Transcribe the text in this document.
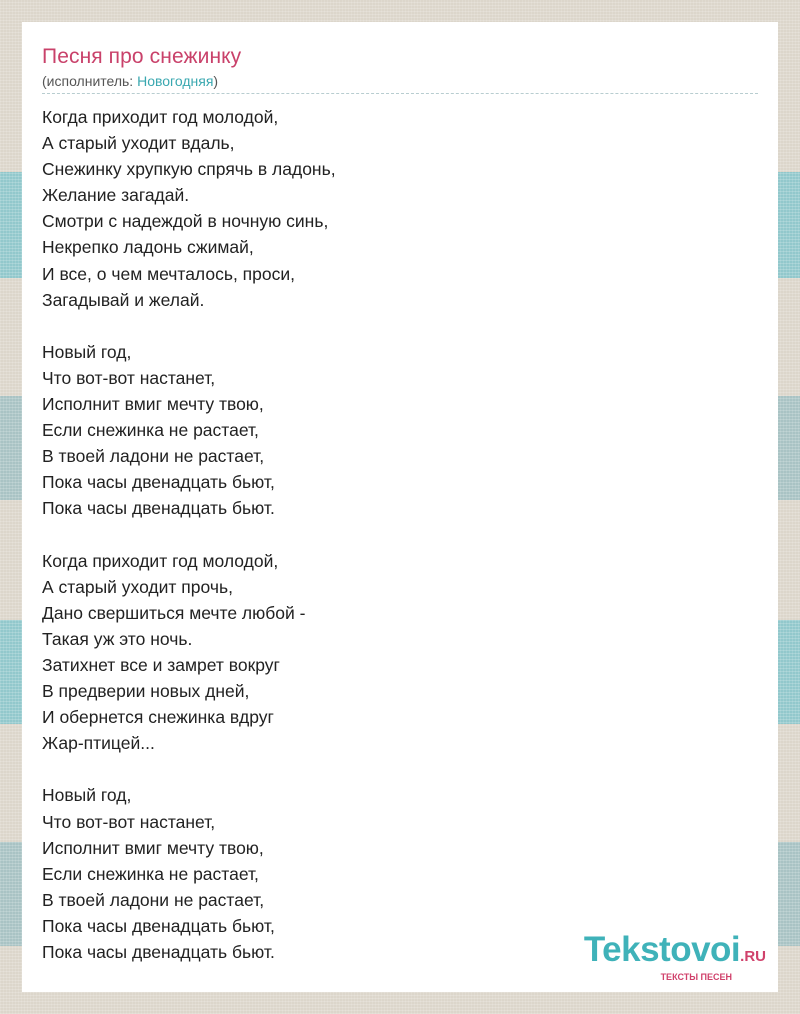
Песня про снежинку
(исполнитель: Новогодняя)
Когда приходит год молодой,
А старый уходит вдаль,
Снежинку хрупкую спрячь в ладонь,
Желание загадай.
Смотри с надеждой в ночную синь,
Некрепко ладонь сжимай,
И все, о чем мечталось, проси,
Загадывай и желай.
Новый год,
Что вот-вот настанет,
Исполнит вмиг мечту твою,
Если снежинка не растает,
В твоей ладони не растает,
Пока часы двенадцать бьют,
Пока часы двенадцать бьют.
Когда приходит год молодой,
А старый уходит прочь,
Дано свершиться мечте любой -
Такая уж это ночь.
Затихнет все и замрет вокруг
В предверии новых дней,
И обернется снежинка вдруг
Жар-птицей...
Новый год,
Что вот-вот настанет,
Исполнит вмиг мечту твою,
Если снежинка не растает,
В твоей ладони не растает,
Пока часы двенадцать бьют,
Пока часы двенадцать бьют.	Tekstovoi.RU
ТЕКСТЫ ПЕСЕН
